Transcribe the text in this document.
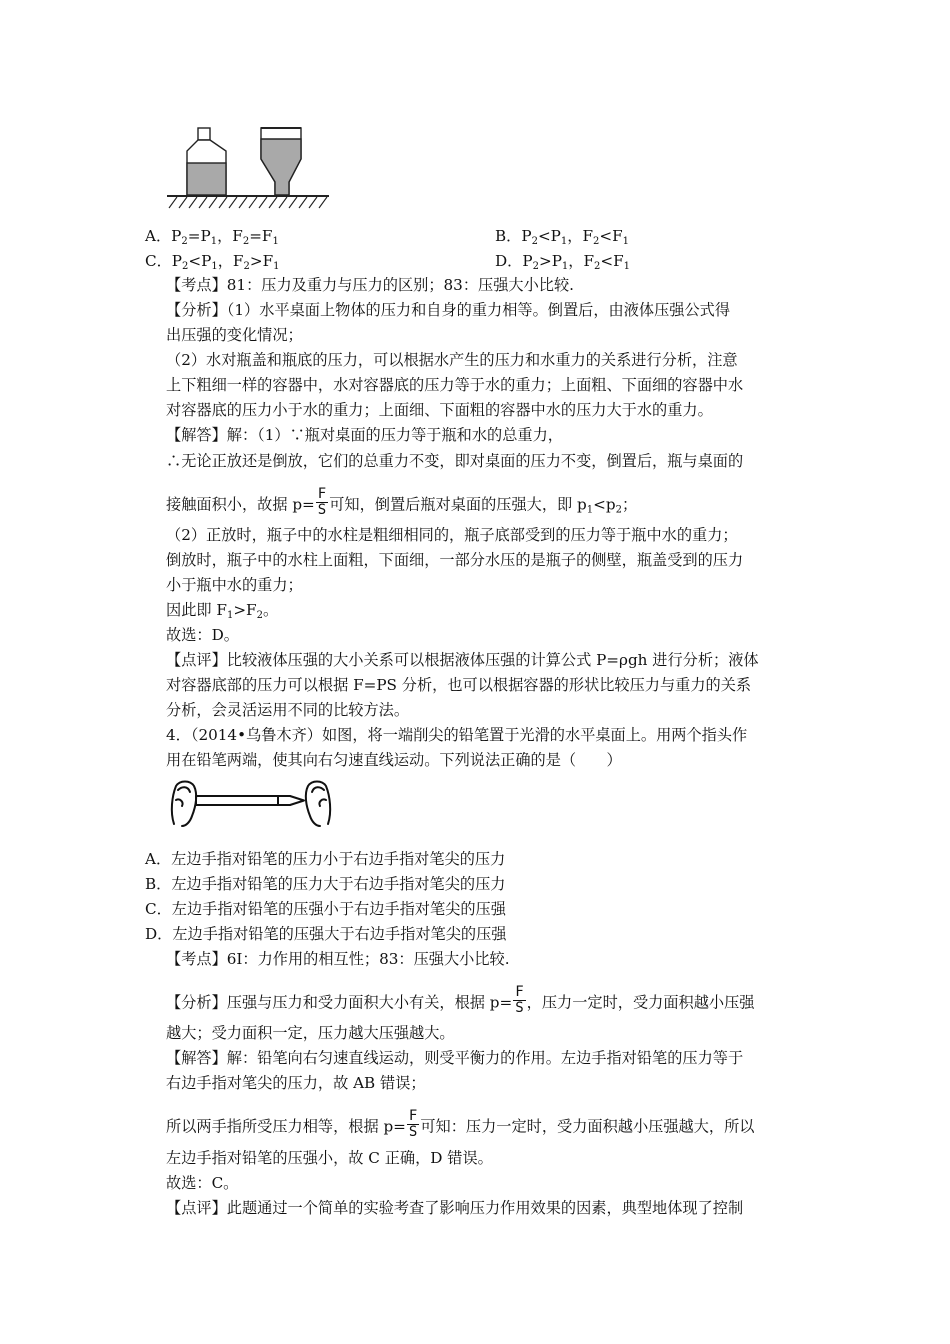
A．$P_2=P_1$，$F_2=F_1$	B．$P_2<P_1$，$F_2<F_1$
C．$P_2<P_1$，$F_2>F_1$	D．$P_2>P_1$，$F_2<F_1$
【考点】81：压力及重力与压力的区别；83：压强大小比较.
【分析】（1）水平桌面上物体的压力和自身的重力相等。倒置后，由液体压强公式得
出压强的变化情况；
（2）水对瓶盖和瓶底的压力，可以根据水产生的压力和水重力的关系进行分析，注意
上下粗细一样的容器中，水对容器底的压力等于水的重力；上面粗、下面细的容器中水
对容器底的压力小于水的重力；上面细、下面粗的容器中水的压力大于水的重力。
【解答】解：（1）∵瓶对桌面的压力等于瓶和水的总重力，
∴无论正放还是倒放，它们的总重力不变，即对桌面的压力不变，倒置后，瓶与桌面的
接触面积小，故据 $p= \frac{F}{S}$ 可知，倒置后瓶对桌面的压强大，即 $p_1<p_2$；
（2）正放时，瓶子中的水柱是粗细相同的，瓶子底部受到的压力等于瓶中水的重力；
倒放时，瓶子中的水柱上面粗，下面细，一部分水压的是瓶子的侧壁，瓶盖受到的压力
小于瓶中水的重力；
因此即 $F_1>F_2$。
故选：D。
【点评】比较液体压强的大小关系可以根据液体压强的计算公式 P=ρgh 进行分析；液体
对容器底部的压力可以根据 F=PS 分析，也可以根据容器的形状比较压力与重力的关系
分析，会灵活运用不同的比较方法。
4．（2014•乌鲁木齐）如图，将一端削尖的铅笔置于光滑的水平桌面上。用两个指头作
用在铅笔两端，使其向右匀速直线运动。下列说法正确的是（　　）
A．左边手指对铅笔的压力小于右边手指对笔尖的压力
B．左边手指对铅笔的压力大于右边手指对笔尖的压力
C．左边手指对铅笔的压强小于右边手指对笔尖的压强
D．左边手指对铅笔的压强大于右边手指对笔尖的压强
【考点】6I：力作用的相互性；83：压强大小比较.
【分析】压强与压力和受力面积大小有关，根据 $p= \frac{F}{S}$ ，压力一定时，受力面积越小压强
越大；受力面积一定，压力越大压强越大。
【解答】解：铅笔向右匀速直线运动，则受平衡力的作用。左边手指对铅笔的压力等于
右边手指对笔尖的压力，故 AB 错误；
所以两手指所受压力相等，根据 $p= \frac{F}{S}$ 可知：压力一定时，受力面积越小压强越大，所以
左边手指对铅笔的压强小，故 C 正确，D 错误。
故选：C。
【点评】此题通过一个简单的实验考查了影响压力作用效果的因素，典型地体现了控制
